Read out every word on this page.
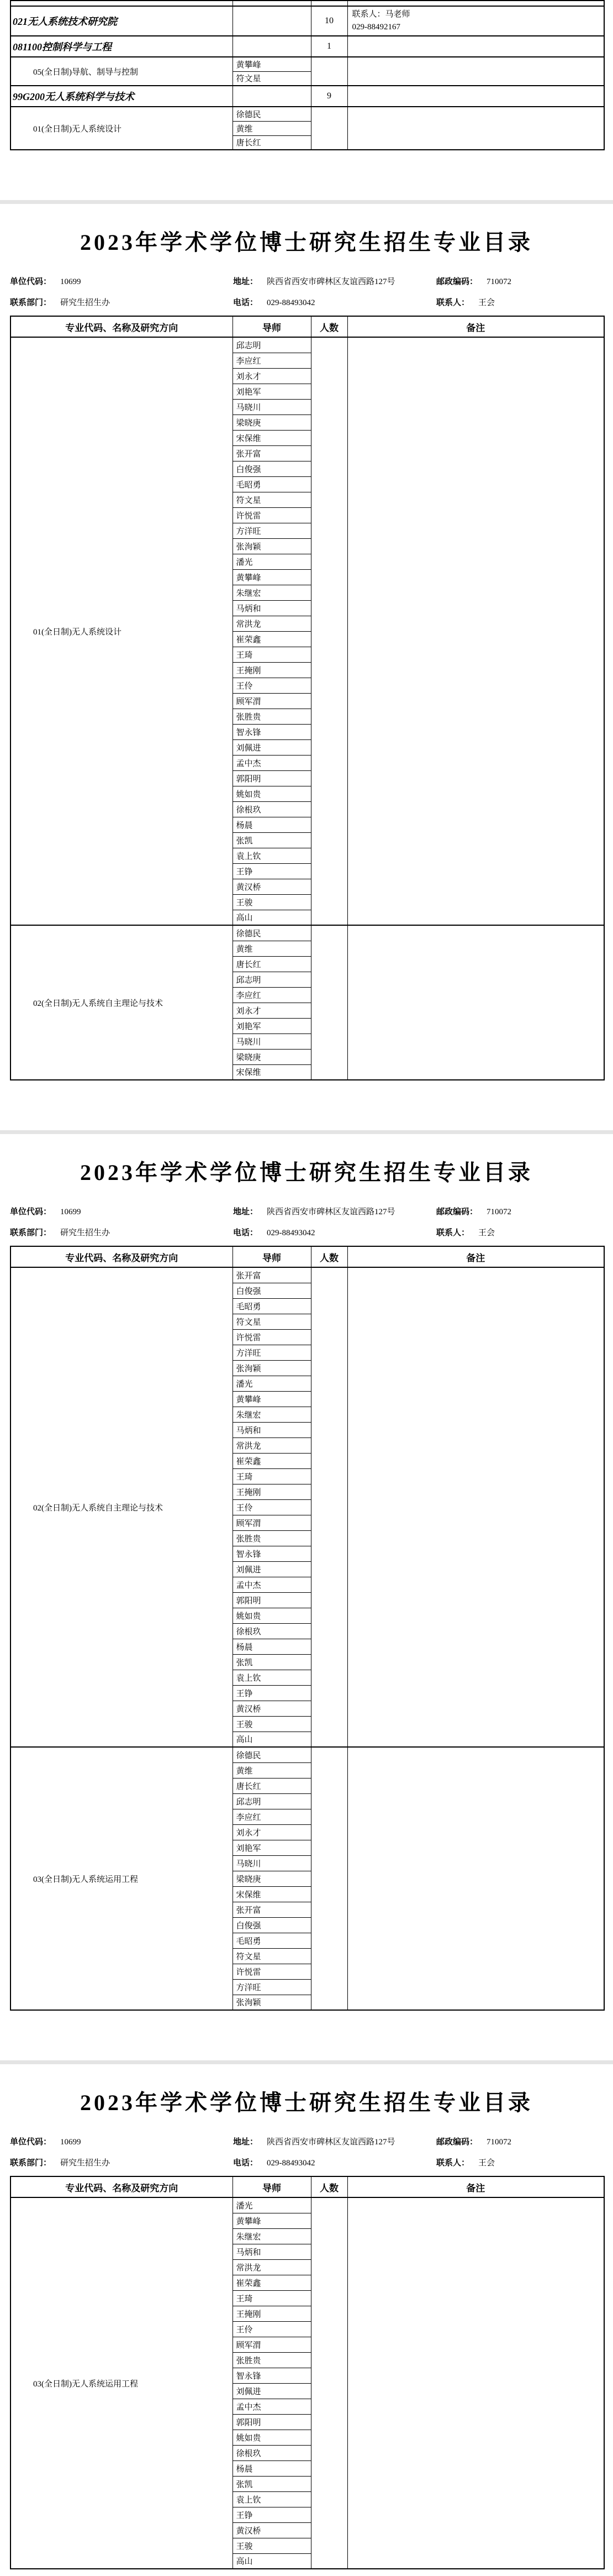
021无人系统技术研究院		10	联系人：马老师
029-88492167

081100控制科学与工程		1	
05(全日制)导航、制导与控制	黄攀峰		
	符文星		
99G200无人系统科学与技术		9	
01(全日制)无人系统设计	徐德民		
	黄维		
	唐长红		
2023年学术学位博士研究生招生专业目录
单位代码： 10699	地址： 陕西省西安市碑林区友谊西路127号	邮政编码： 710072
联系部门： 研究生招生办	电话： 029-88493042	联系人： 王会
专业代码、名称及研究方向	导师	人数	备注
01(全日制)无人系统设计	邱志明		
	李应红		
	刘永才		
	刘艳军		
	马晓川		
	梁晓庚		
	宋保维		
	张开富		
	白俊强		
	毛昭勇		
	符文星		
	许悦雷		
	方洋旺		
	张洵颖		
	潘光		
	黄攀峰		
	朱继宏		
	马炳和		
	常洪龙		
	崔荣鑫		
	王琦		
	王掩刚		
	王伶		
	顾军渭		
	张胜贵		
	智永锋		
	刘佩进		
	孟中杰		
	郭阳明		
	姚如贵		
	徐根玖		
	杨晨		
	张凯		
	袁上钦		
	王铮		
	黄汉桥		
	王骏		
	高山		
02(全日制)无人系统自主理论与技术	徐德民		
	黄维		
	唐长红		
	邱志明		
	李应红		
	刘永才		
	刘艳军		
	马晓川		
	梁晓庚		
	宋保维		
2023年学术学位博士研究生招生专业目录
单位代码： 10699	地址： 陕西省西安市碑林区友谊西路127号	邮政编码： 710072
联系部门： 研究生招生办	电话： 029-88493042	联系人： 王会
专业代码、名称及研究方向	导师	人数	备注
02(全日制)无人系统自主理论与技术	张开富		
	白俊强		
	毛昭勇		
	符文星		
	许悦雷		
	方洋旺		
	张洵颖		
	潘光		
	黄攀峰		
	朱继宏		
	马炳和		
	常洪龙		
	崔荣鑫		
	王琦		
	王掩刚		
	王伶		
	顾军渭		
	张胜贵		
	智永锋		
	刘佩进		
	孟中杰		
	郭阳明		
	姚如贵		
	徐根玖		
	杨晨		
	张凯		
	袁上钦		
	王铮		
	黄汉桥		
	王骏		
	高山		
03(全日制)无人系统运用工程	徐德民		
	黄维		
	唐长红		
	邱志明		
	李应红		
	刘永才		
	刘艳军		
	马晓川		
	梁晓庚		
	宋保维		
	张开富		
	白俊强		
	毛昭勇		
	符文星		
	许悦雷		
	方洋旺		
	张洵颖		
2023年学术学位博士研究生招生专业目录
单位代码： 10699	地址： 陕西省西安市碑林区友谊西路127号	邮政编码： 710072
联系部门： 研究生招生办	电话： 029-88493042	联系人： 王会
专业代码、名称及研究方向	导师	人数	备注
03(全日制)无人系统运用工程	潘光		
	黄攀峰		
	朱继宏		
	马炳和		
	常洪龙		
	崔荣鑫		
	王琦		
	王掩刚		
	王伶		
	顾军渭		
	张胜贵		
	智永锋		
	刘佩进		
	孟中杰		
	郭阳明		
	姚如贵		
	徐根玖		
	杨晨		
	张凯		
	袁上钦		
	王铮		
	黄汉桥		
	王骏		
	高山		
